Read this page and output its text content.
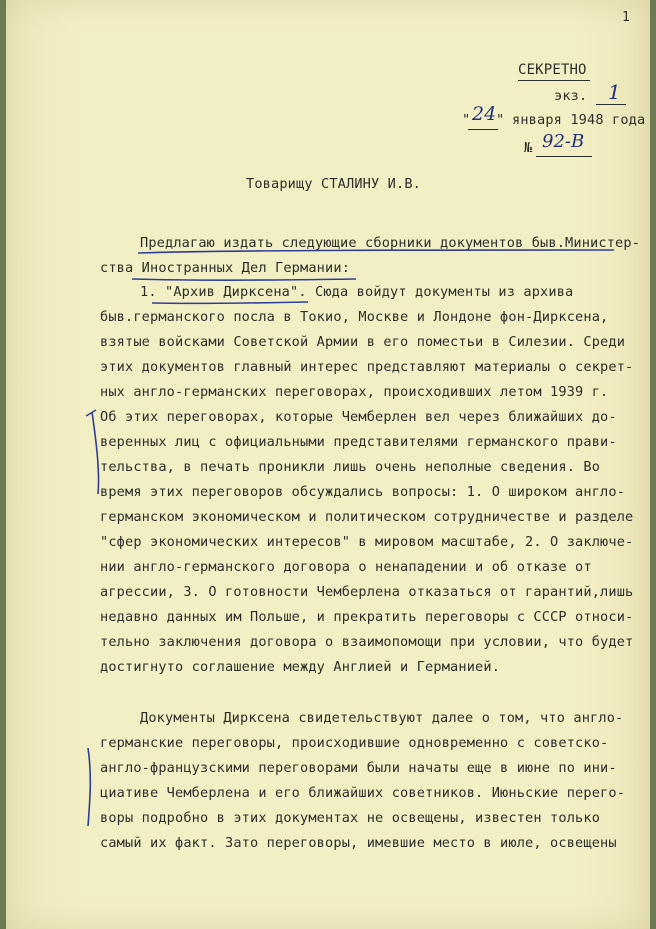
1
СЕКРЕТНО
экз. 1
" 24 " января 1948 года
№ 92-В
Товарищу СТАЛИНУ И.В.
Предлагаю издать следующие сборники документов быв.Министер-
ства Иностранных Дел Германии:
1. "Архив Дирксена". Сюда войдут документы из архива
быв.германского посла в Токио, Москве и Лондоне фон-Дирксена,
взятые войсками Советской Армии в его поместьи в Силезии. Среди
этих документов главный интерес представляют материалы о секрет-
ных англо-германских переговорах, происходивших летом 1939 г.
Об этих переговорах, которые Чемберлен вел через ближайших до-
веренных лиц с официальными представителями германского прави-
тельства, в печать проникли лишь очень неполные сведения. Во
время этих переговоров обсуждались вопросы: 1. О широком англо-
германском экономическом и политическом сотрудничестве и разделе
"сфер экономических интересов" в мировом масштабе, 2. О заключе-
нии англо-германского договора о ненападении и об отказе от
агрессии, 3. О готовности Чемберлена отказаться от гарантий,лишь
недавно данных им Польше, и прекратить переговоры с СССР относи-
тельно заключения договора о взаимопомощи при условии, что будет
достигнуто соглашение между Англией и Германией.
Документы Дирксена свидетельствуют далее о том, что англо-
германские переговоры, происходившие одновременно с советско-
англо-французскими переговорами были начаты еще в июне по ини-
циативе Чемберлена и его ближайших советников. Июньские перего-
воры подробно в этих документах не освещены, известен только
самый их факт. Зато переговоры, имевшие место в июле, освещены
